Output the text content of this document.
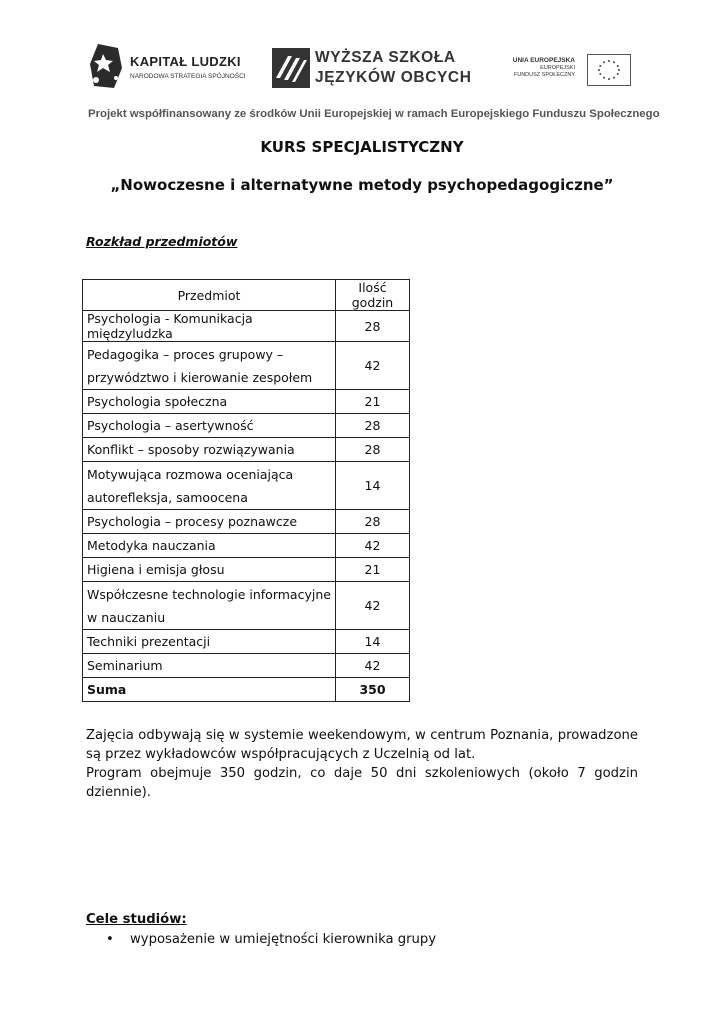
KAPITAŁ LUDZKI
NARODOWA STRATEGIA SPÓJNOŚCI
WYŻSZA SZKOŁA
JĘZYKÓW OBCYCH
UNIA EUROPEJSKA
EUROPEJSKI
FUNDUSZ SPOŁECZNY
Projekt współfinansowany ze środków Unii Europejskiej w ramach Europejskiego Funduszu Społecznego
KURS SPECJALISTYCZNY
„Nowoczesne i alternatywne metody psychopedagogiczne”
Rozkład przedmiotów
Przedmiot	Ilość godzin
Psychologia - Komunikacja międzyludzka	28
Pedagogika – proces grupowy –
przywództwo i kierowanie zespołem	42
Psychologia społeczna	21
Psychologia – asertywność	28
Konflikt – sposoby rozwiązywania	28
Motywująca rozmowa oceniająca
autorefleksja, samoocena	14
Psychologia – procesy poznawcze	28
Metodyka nauczania	42
Higiena i emisja głosu	21
Współczesne technologie informacyjne
w nauczaniu	42
Techniki prezentacji	14
Seminarium	42
Suma	350

Zajęcia odbywają się w systemie weekendowym, w centrum Poznania, prowadzone są przez wykładowców współpracujących z Uczelnią od lat.

Program obejmuje 350 godzin, co daje 50 dni szkoleniowych (około 7 godzin dziennie).

Cele studiów:
• wyposażenie w umiejętności kierownika grupy
